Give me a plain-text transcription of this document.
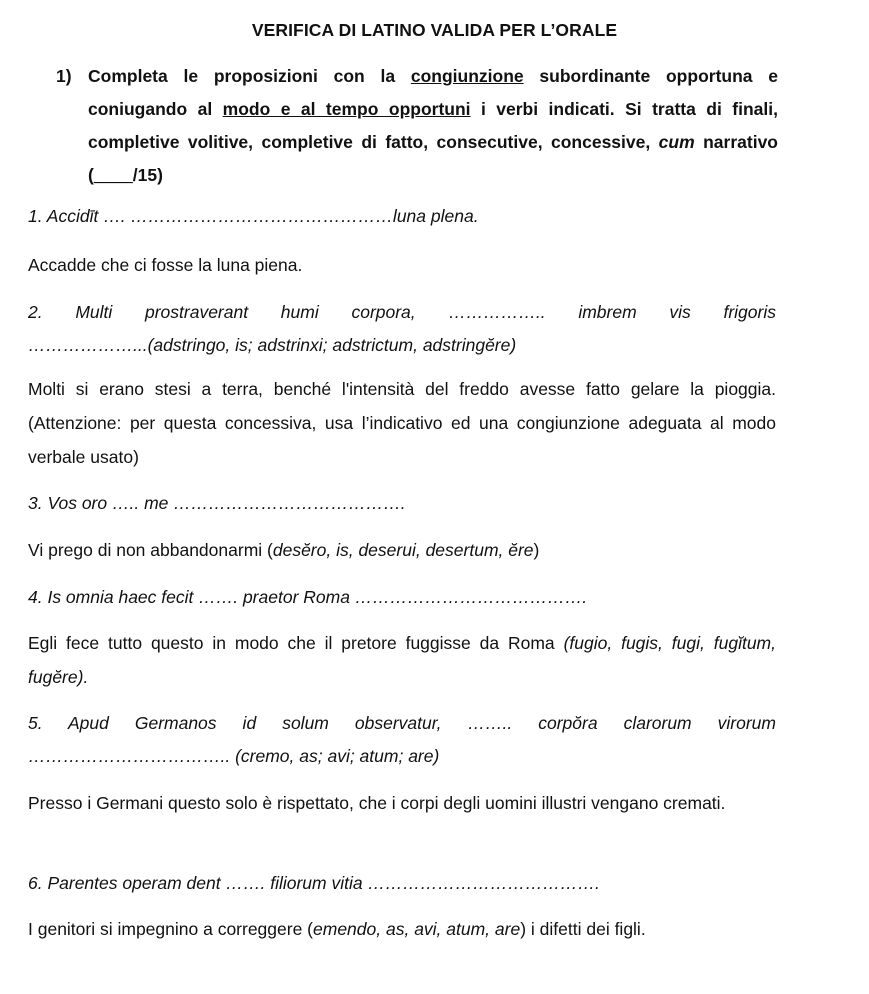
VERIFICA DI LATINO VALIDA PER L’ORALE
1) Completa le proposizioni con la congiunzione subordinante opportuna e coniugando al modo e al tempo opportuni i verbi indicati. Si tratta di finali, completive volitive, completive di fatto, consecutive, concessive, cum narrativo (____/15)
1. Accidīt …. ………………………………………luna plena.
Accadde che ci fosse la luna piena.
2. Multi prostraverant humi corpora, …………….. imbrem vis frigoris
………………...(adstringo, is; adstrinxi; adstrictum, adstringĕre)
Molti si erano stesi a terra, benché l'intensità del freddo avesse fatto gelare la pioggia.(Attenzione: per questa concessiva, usa l’indicativo ed una congiunzione adeguata al modo verbale usato)
3. Vos oro ….. me ………………………………….
Vi prego di non abbandonarmi (desĕro, is, deserui, desertum, ĕre)
4. Is omnia haec fecit ……. praetor Roma ………………………………….
Egli fece tutto questo in modo che il pretore fuggisse da Roma (fugio, fugis, fugi, fugĭtum, fugĕre).
5. Apud Germanos id solum observatur, …….. corpŏra clarorum virorum
…………………………….. (cremo, as; avi; atum; are)
Presso i Germani questo solo è rispettato, che i corpi degli uomini illustri vengano cremati.
6. Parentes operam dent ……. filiorum vitia ………………………………….
I genitori si impegnino a correggere (emendo, as, avi, atum, are) i difetti dei figli.
